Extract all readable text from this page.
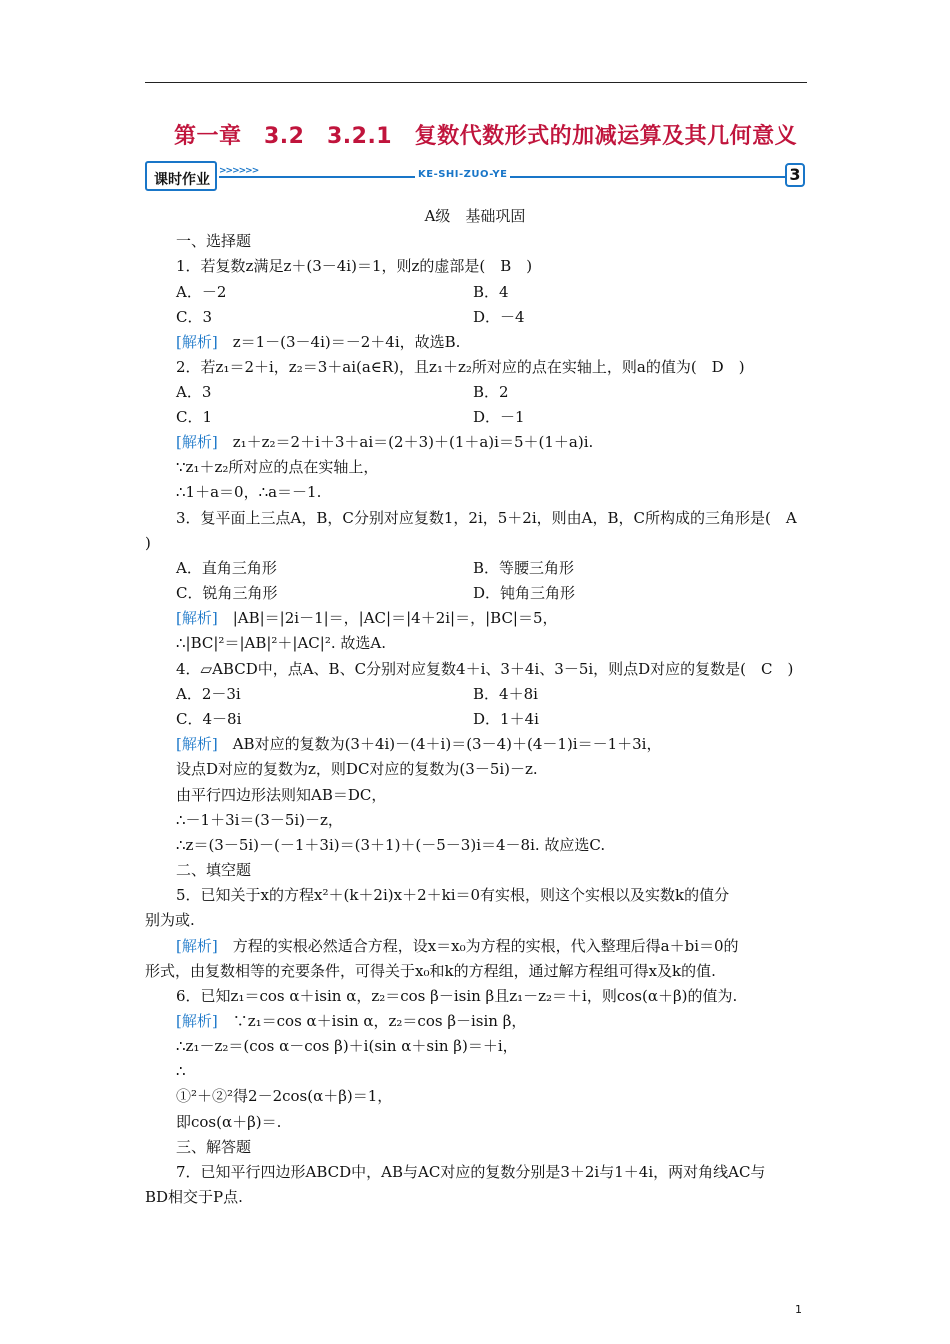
第一章　3.2　3.2.1　复数代数形式的加减运算及其几何意义
课时作业
>>>>>>	KE-SHI-ZUO-YE	3
A级　基础巩固
一、选择题
1．若复数z满足z＋(3－4i)＝1，则z的虚部是(　B　)
A．－2	B．4
C．3	D．－4
[解析]　z＝1－(3－4i)＝－2＋4i，故选B.
2．若z₁＝2＋i，z₂＝3＋ai(a∈R)，且z₁＋z₂所对应的点在实轴上，则a的值为(　D　)
A．3	B．2
C．1	D．－1
[解析]　z₁＋z₂＝2＋i＋3＋ai＝(2＋3)＋(1＋a)i＝5＋(1＋a)i.
∵z₁＋z₂所对应的点在实轴上，
∴1＋a＝0，∴a＝－1.
3．复平面上三点A，B，C分别对应复数1，2i，5＋2i，则由A，B，C所构成的三角形是(　A
)
A．直角三角形	B．等腰三角形
C．锐角三角形	D．钝角三角形
[解析]　|AB|＝|2i－1|＝，|AC|＝|4＋2i|＝，|BC|＝5，
∴|BC|²＝|AB|²＋|AC|². 故选A.
4．▱ABCD中，点A、B、C分别对应复数4＋i、3＋4i、3－5i，则点D对应的复数是(　C　)
A．2－3i	B．4＋8i
C．4－8i	D．1＋4i
[解析]　AB对应的复数为(3＋4i)－(4＋i)＝(3－4)＋(4－1)i＝－1＋3i，
设点D对应的复数为z，则DC对应的复数为(3－5i)－z.
由平行四边形法则知AB＝DC，
∴－1＋3i＝(3－5i)－z，
∴z＝(3－5i)－(－1＋3i)＝(3＋1)＋(－5－3)i＝4－8i. 故应选C.
二、填空题
5．已知关于x的方程x²＋(k＋2i)x＋2＋ki＝0有实根，则这个实根以及实数k的值分
别为或.
[解析]　方程的实根必然适合方程，设x＝x₀为方程的实根，代入整理后得a＋bi＝0的
形式，由复数相等的充要条件，可得关于x₀和k的方程组，通过解方程组可得x及k的值.
6．已知z₁＝cos α＋isin α，z₂＝cos β－isin β且z₁－z₂＝＋i，则cos(α＋β)的值为.
[解析]　∵z₁＝cos α＋isin α，z₂＝cos β－isin β，
∴z₁－z₂＝(cos α－cos β)＋i(sin α＋sin β)＝＋i，
∴
①²＋②²得2－2cos(α＋β)＝1，
即cos(α＋β)＝.
三、解答题
7．已知平行四边形ABCD中，AB与AC对应的复数分别是3＋2i与1＋4i，两对角线AC与
BD相交于P点.
1
